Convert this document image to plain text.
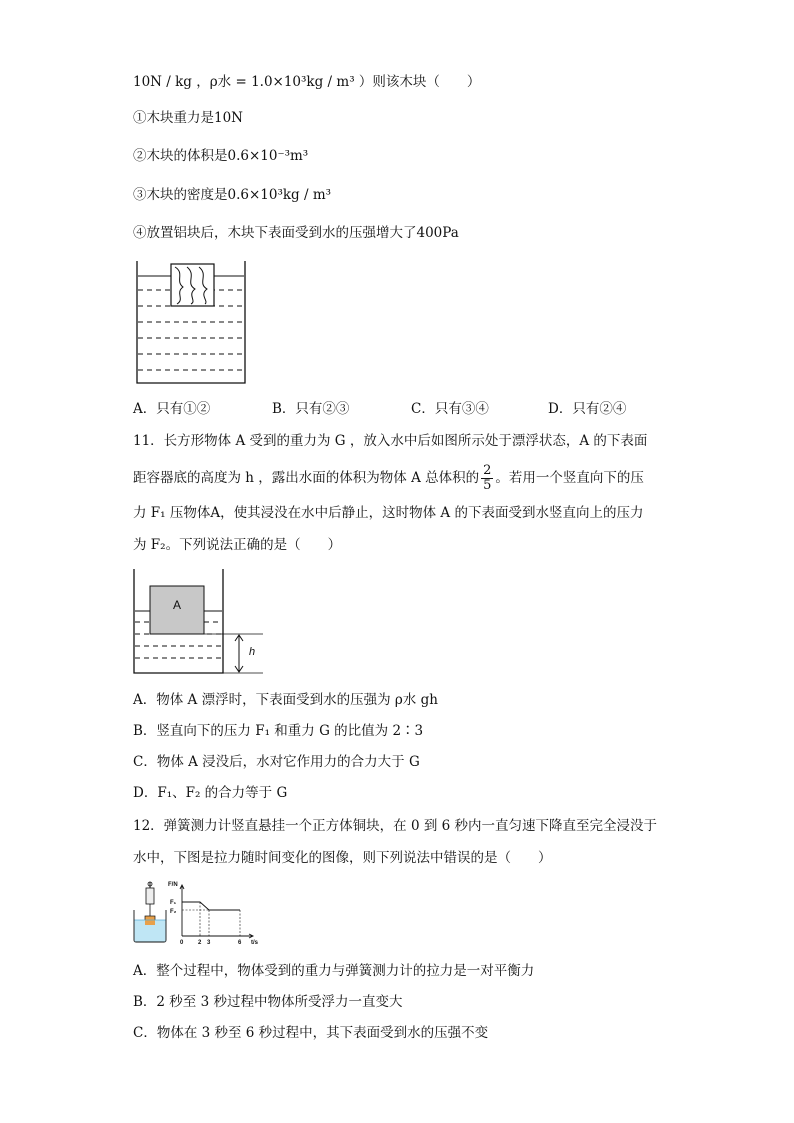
10N / kg ，ρ水 = 1.0×10³kg / m³ ）则该木块（　　）
①木块重力是10N
②木块的体积是0.6×10⁻³m³
③木块的密度是0.6×10³kg / m³
④放置铝块后，木块下表面受到水的压强增大了400Pa
A．只有①②	B．只有②③	C．只有③④	D．只有②④
11．长方形物体 A 受到的重力为 G ，放入水中后如图所示处于漂浮状态，A 的下表面
距容器底的高度为 h ，露出水面的体积为物体 A 总体积的 $\frac{2}{5}$ 。若用一个竖直向下的压
力 F₁ 压物体A，使其浸没在水中后静止，这时物体 A 的下表面受到水竖直向上的压力
为 F₂。下列说法正确的是（　　）
A
h
A．物体 A 漂浮时，下表面受到水的压强为 ρ水 gh
B．竖直向下的压力 F₁ 和重力 G 的比值为 2∶3
C．物体 A 浸没后，水对它作用力的合力大于 G
D．F₁、F₂ 的合力等于 G
12．弹簧测力计竖直悬挂一个正方体铜块，在 0 到 6 秒内一直匀速下降直至完全浸没于
水中，下图是拉力随时间变化的图像，则下列说法中错误的是（　　）
F/N
F₁
F₂
0 2 3	6 t/s
A．整个过程中，物体受到的重力与弹簧测力计的拉力是一对平衡力
B．2 秒至 3 秒过程中物体所受浮力一直变大
C．物体在 3 秒至 6 秒过程中，其下表面受到水的压强不变
